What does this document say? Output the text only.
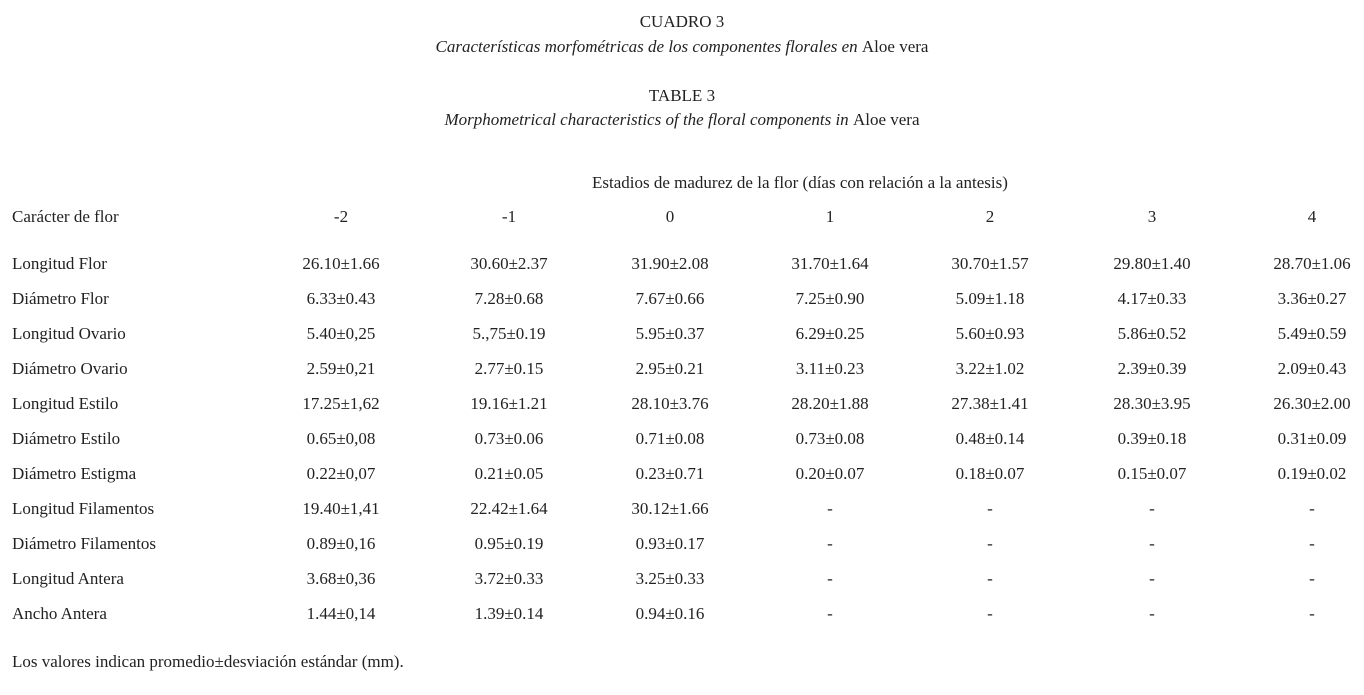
CUADRO 3
Características morfométricas de los componentes florales en Aloe vera
TABLE 3
Morphometrical characteristics of the floral components in Aloe vera
Estadios de madurez de la flor (días con relación a la antesis)
Carácter de flor	-2	-1	0	1	2	3	4
Longitud Flor	26.10±1.66	30.60±2.37	31.90±2.08	31.70±1.64	30.70±1.57	29.80±1.40	28.70±1.06
Diámetro Flor	6.33±0.43	7.28±0.68	7.67±0.66	7.25±0.90	5.09±1.18	4.17±0.33	3.36±0.27
Longitud Ovario	5.40±0,25	5.,75±0.19	5.95±0.37	6.29±0.25	5.60±0.93	5.86±0.52	5.49±0.59
Diámetro Ovario	2.59±0,21	2.77±0.15	2.95±0.21	3.11±0.23	3.22±1.02	2.39±0.39	2.09±0.43
Longitud Estilo	17.25±1,62	19.16±1.21	28.10±3.76	28.20±1.88	27.38±1.41	28.30±3.95	26.30±2.00
Diámetro Estilo	0.65±0,08	0.73±0.06	0.71±0.08	0.73±0.08	0.48±0.14	0.39±0.18	0.31±0.09
Diámetro Estigma	0.22±0,07	0.21±0.05	0.23±0.71	0.20±0.07	0.18±0.07	0.15±0.07	0.19±0.02
Longitud Filamentos	19.40±1,41	22.42±1.64	30.12±1.66	-	-	-	-
Diámetro Filamentos	0.89±0,16	0.95±0.19	0.93±0.17	-	-	-	-
Longitud Antera	3.68±0,36	3.72±0.33	3.25±0.33	-	-	-	-
Ancho Antera	1.44±0,14	1.39±0.14	0.94±0.16	-	-	-	-
Los valores indican promedio±desviación estándar (mm).
